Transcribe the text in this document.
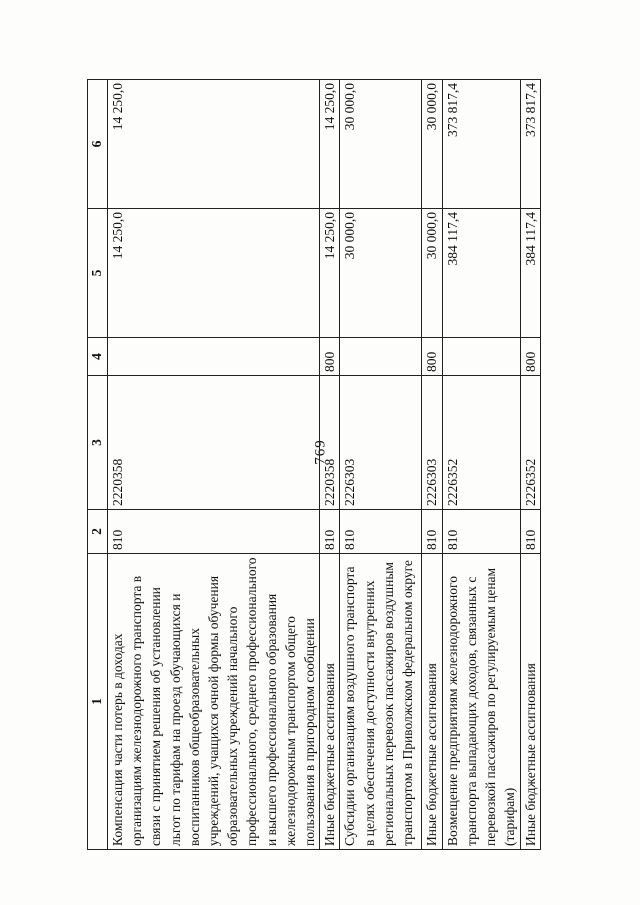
769
1	2	3	4	5	6
Компенсация части потерь в доходах организациям железнодорожного транспорта в связи с принятием решения об установлении льгот по тарифам на проезд обучающихся и воспитанников общеобразовательных учреждений, учащихся очной формы обучения образовательных учреждений начального профессионального, среднего профессионального и высшего профессионального образования железнодорожным транспортом общего пользования в пригородном сообщении	810	2220358		14 250,0	14 250,0
Иные бюджетные ассигнования	810	2220358	800	14 250,0	14 250,0
Субсидии организациям воздушного транспорта в целях обеспечения доступности внутренних региональных перевозок пассажиров воздушным транспортом в Приволжском федеральном округе	810	2226303		30 000,0	30 000,0
Иные бюджетные ассигнования	810	2226303	800	30 000,0	30 000,0
Возмещение предприятиям железнодорожного транспорта выпадающих доходов, связанных с перевозкой пассажиров по регулируемым ценам (тарифам)	810	2226352		384 117,4	373 817,4
Иные бюджетные ассигнования	810	2226352	800	384 117,4	373 817,4
